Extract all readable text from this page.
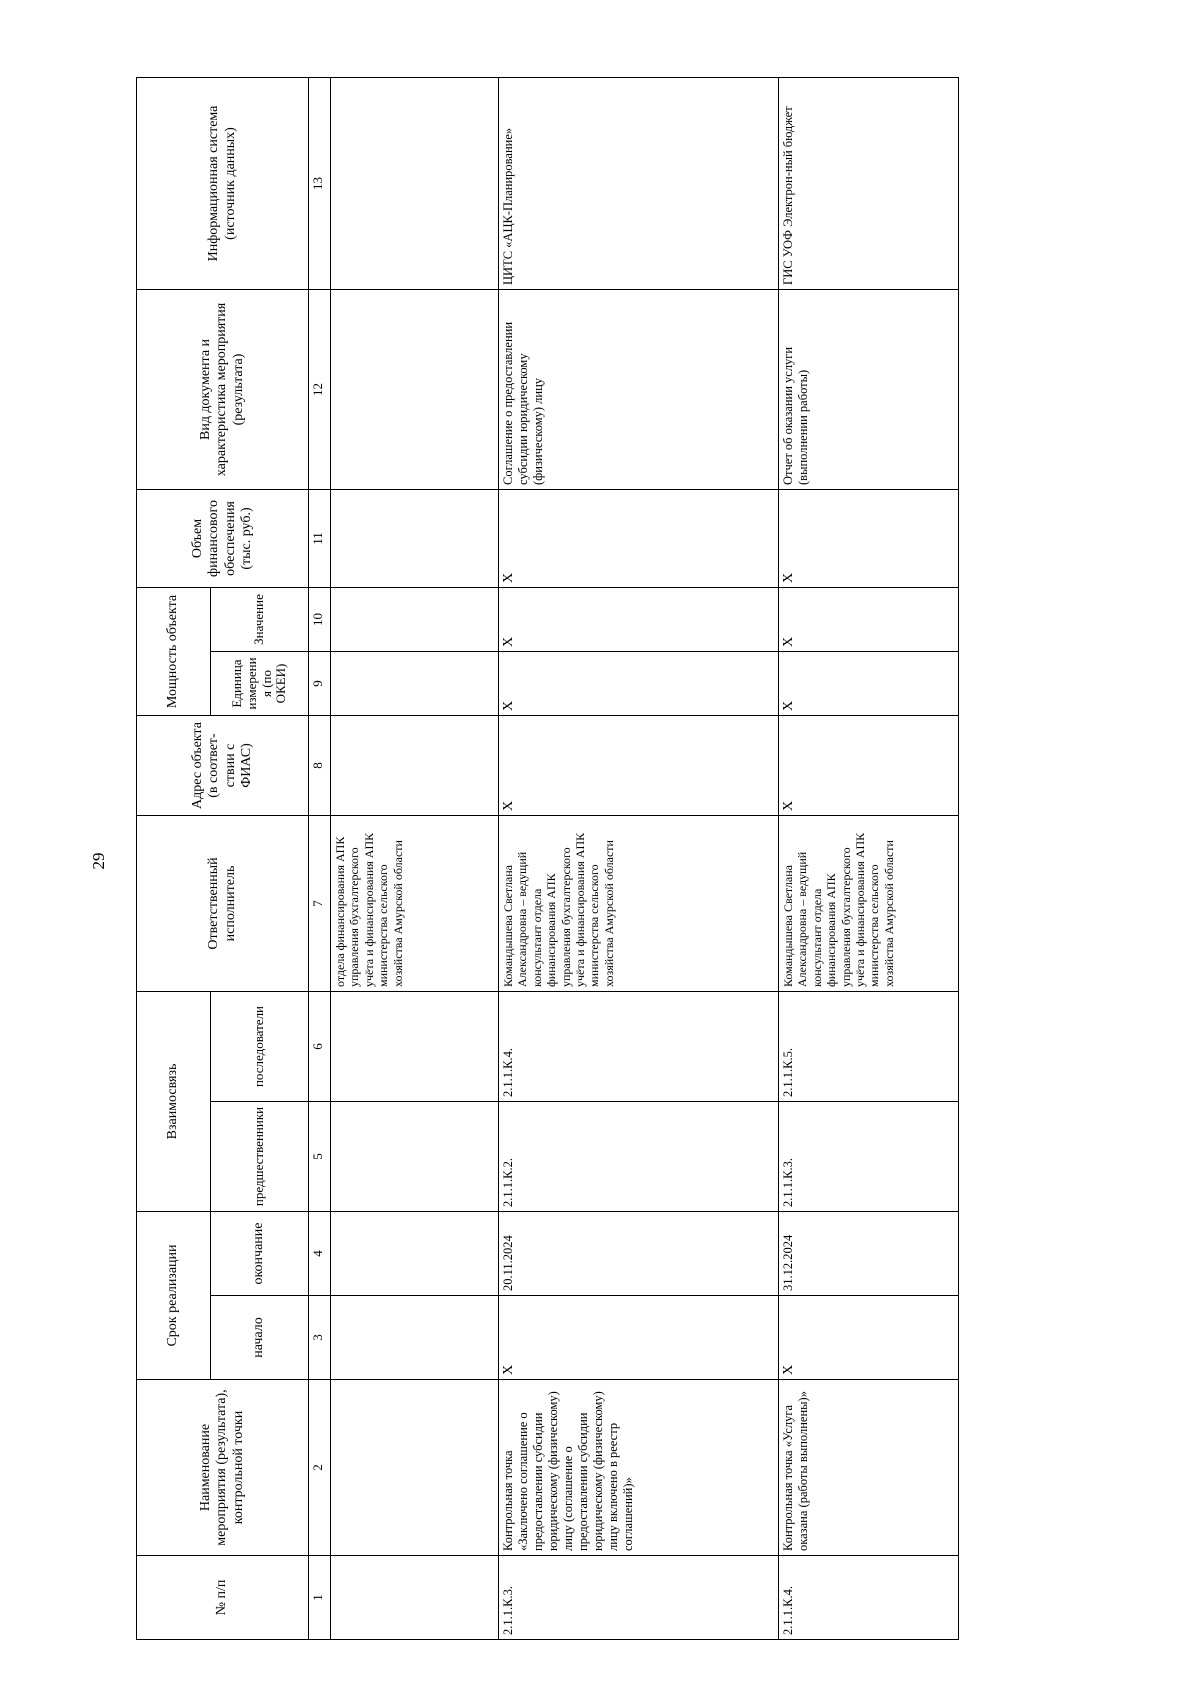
29
№ п/п	Наименование мероприятия (результата), контрольной точки	Срок реализации		Взаимосвязь		Ответственный исполнитель	Адрес объекта (в соответ-ствии с ФИАС)	Мощность объекта		Объем финансового обеспечения (тыс. руб.)	Вид документа и характеристика мероприятия (результата)	Информационная система (источник данных)
		начало	окончание	предшественники	последователи			Единица измерения (по ОКЕИ)	Значение			
1	2	3	4	5	6	7	8	9	10	11	12	13
						отдела финансирования АПК управления бухгалтерского учёта и финансирования АПК министерства сельского хозяйства Амурской области						
2.1.1.К.3.	Контрольная точка «Заключено соглашение о предоставлении субсидии юридическому (физическому) лицу (соглашение о предоставлении субсидии юридическому (физическому) лицу включено в реестр соглашений)»	X	20.11.2024	2.1.1.К.2.	2.1.1.К.4.	Командышева Светлана Александровна – ведущий консультант отдела финансирования АПК управления бухгалтерского учёта и финансирования АПК министерства сельского хозяйства Амурской области	X	X	X	X	Соглашение о предоставлении субсидии юридическому (физическому) лицу	ЦИТС «АЦК-Планирование»
2.1.1.К.4.	Контрольная точка «Услуга оказана (работы выполнены)»	X	31.12.2024	2.1.1.К.3.	2.1.1.К.5.	Командышева Светлана Александровна – ведущий консультант отдела финансирования АПК управления бухгалтерского учёта и финансирования АПК министерства сельского хозяйства Амурской области	X	X	X	X	Отчет об оказании услуги (выполнении работы)	ГИС УОФ Электрон-ный бюджет
